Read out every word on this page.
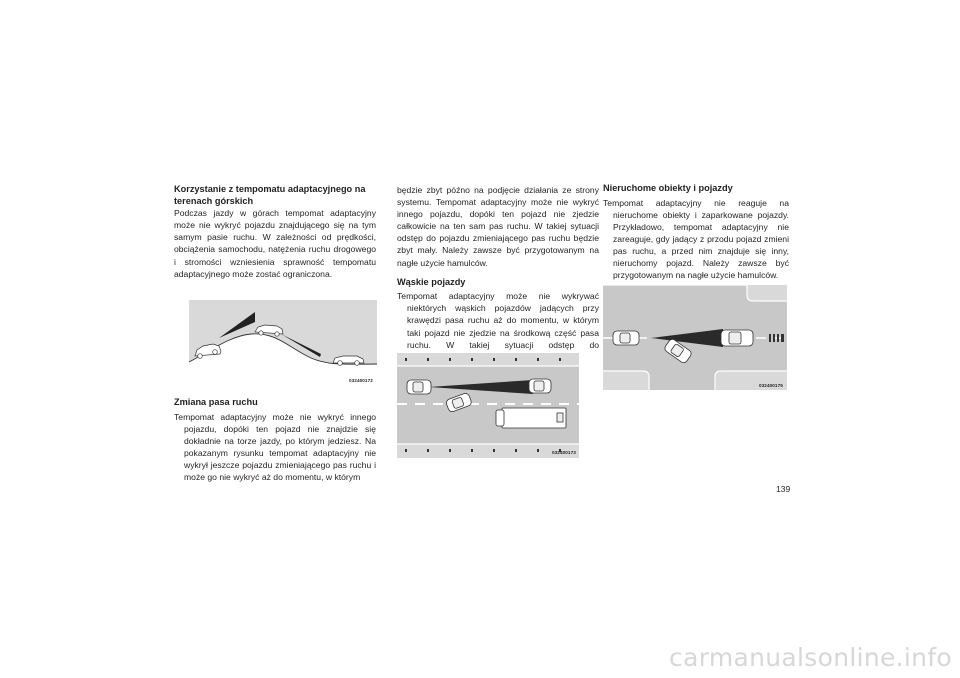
Korzystanie z tempomatu adaptacyjnego na terenach górskich

Podczas jazdy w górach tempomat adaptacyjny może nie wykryć pojazdu znajdującego się na tym samym pasie ruchu. W zależności od prędkości, obciążenia samochodu, natężenia ruchu drogowego i stromości wzniesienia sprawność tempomatu adaptacyjnego może zostać ograniczona.

032400172
Zmiana pasa ruchu

Tempomat adaptacyjny może nie wykryć innego pojazdu, dopóki ten pojazd nie znajdzie się dokładnie na torze jazdy, po którym jedziesz. Na pokazanym rysunku tempomat adaptacyjny nie wykrył jeszcze pojazdu zmieniającego pas ruchu i może go nie wykryć aż do momentu, w którym

będzie zbyt późno na podjęcie działania ze strony systemu. Tempomat adaptacyjny może nie wykryć innego pojazdu, dopóki ten pojazd nie zjedzie całkowicie na ten sam pas ruchu. W takiej sytuacji odstęp do pojazdu zmieniającego pas ruchu będzie zbyt mały. Należy zawsze być przygotowanym na nagłe użycie hamulców.

Wąskie pojazdy

Tempomat adaptacyjny może nie wykrywać niektórych wąskich pojazdów jadących przy krawędzi pasa ruchu aż do momentu, w którym taki pojazd nie zjedzie na środkową część pasa ruchu. W takiej sytuacji odstęp do

032400173
Nieruchome obiekty i pojazdy

Tempomat adaptacyjny nie reaguje na nieruchome obiekty i zaparkowane pojazdy. Przykładowo, tempomat adaptacyjny nie zareaguje, gdy jadący z przodu pojazd zmieni pas ruchu, a przed nim znajduje się inny, nieruchomy pojazd. Należy zawsze być przygotowanym na nagłe użycie hamulców.

032400175
139
carmanualsonline.info
